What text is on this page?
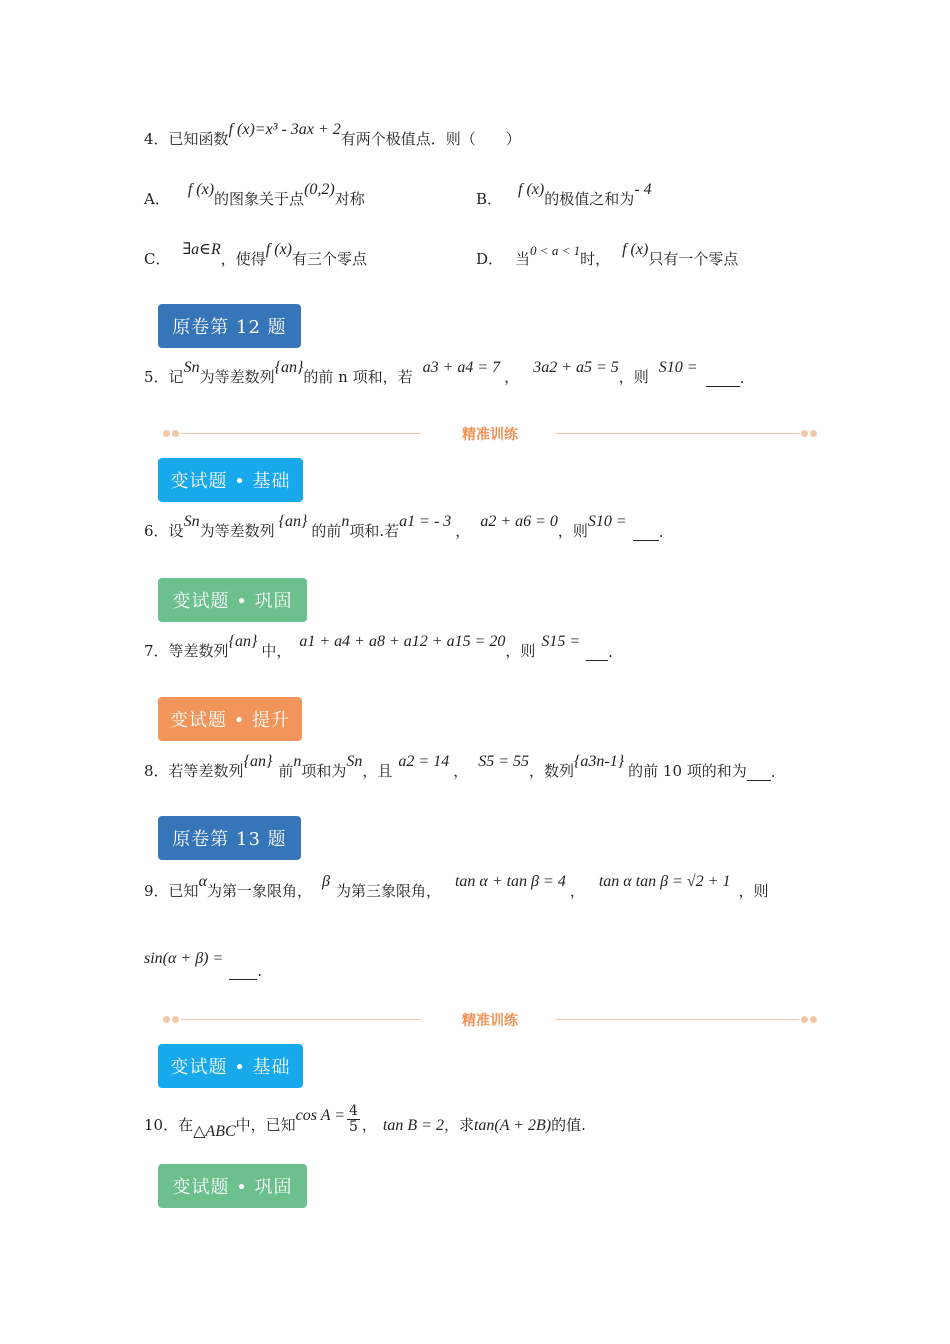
4． 已知函数
f (x)=x³ - 3ax + 2
有两个极值点．则（　　）
A．
f (x)
的图象关于点
(0,2)
对称	B．
f (x)
的极值之和为
- 4
C．
∃a∈R
，使得
f (x)
有三个零点	D． 当 0 < a < 1 时，
f (x)
只有一个零点
原卷第 12 题
5． 记
Sn
为等差数列
{an}
的前 n 项和，若
a3 + a4 = 7
，
3a2 + a5 = 5
，则
S10 =
.
精准训练
变试题 • 基础
6． 设
Sn
为等差数列
{an}
的前
n
项和.若
a1 = - 3
，
a2 + a6 = 0
，则
S10 =
.
变试题 • 巩固
7． 等差数列
{an}
中，
a1 + a4 + a8 + a12 + a15 = 20
，则
S15 =
.
变试题 • 提升
8． 若等差数列
{an}
前
n
项和为
Sn
，且
a2 = 14
，
S5 = 55
，数列
{a3n-1}
的前 10 项的和为 .
原卷第 13 题
9． 已知
α
为第一象限角，
β
为第三象限角，
tan α + tan β = 4
，
tan α tan β = √2 + 1
，则
sin(α + β) =
.
精准训练
变试题 • 基础
10． 在 △ABC 中，已知
$\cos A = \frac{4}{5}$ ， tan B = 2 ，求 tan(A + 2B) 的值.
变试题 • 巩固
